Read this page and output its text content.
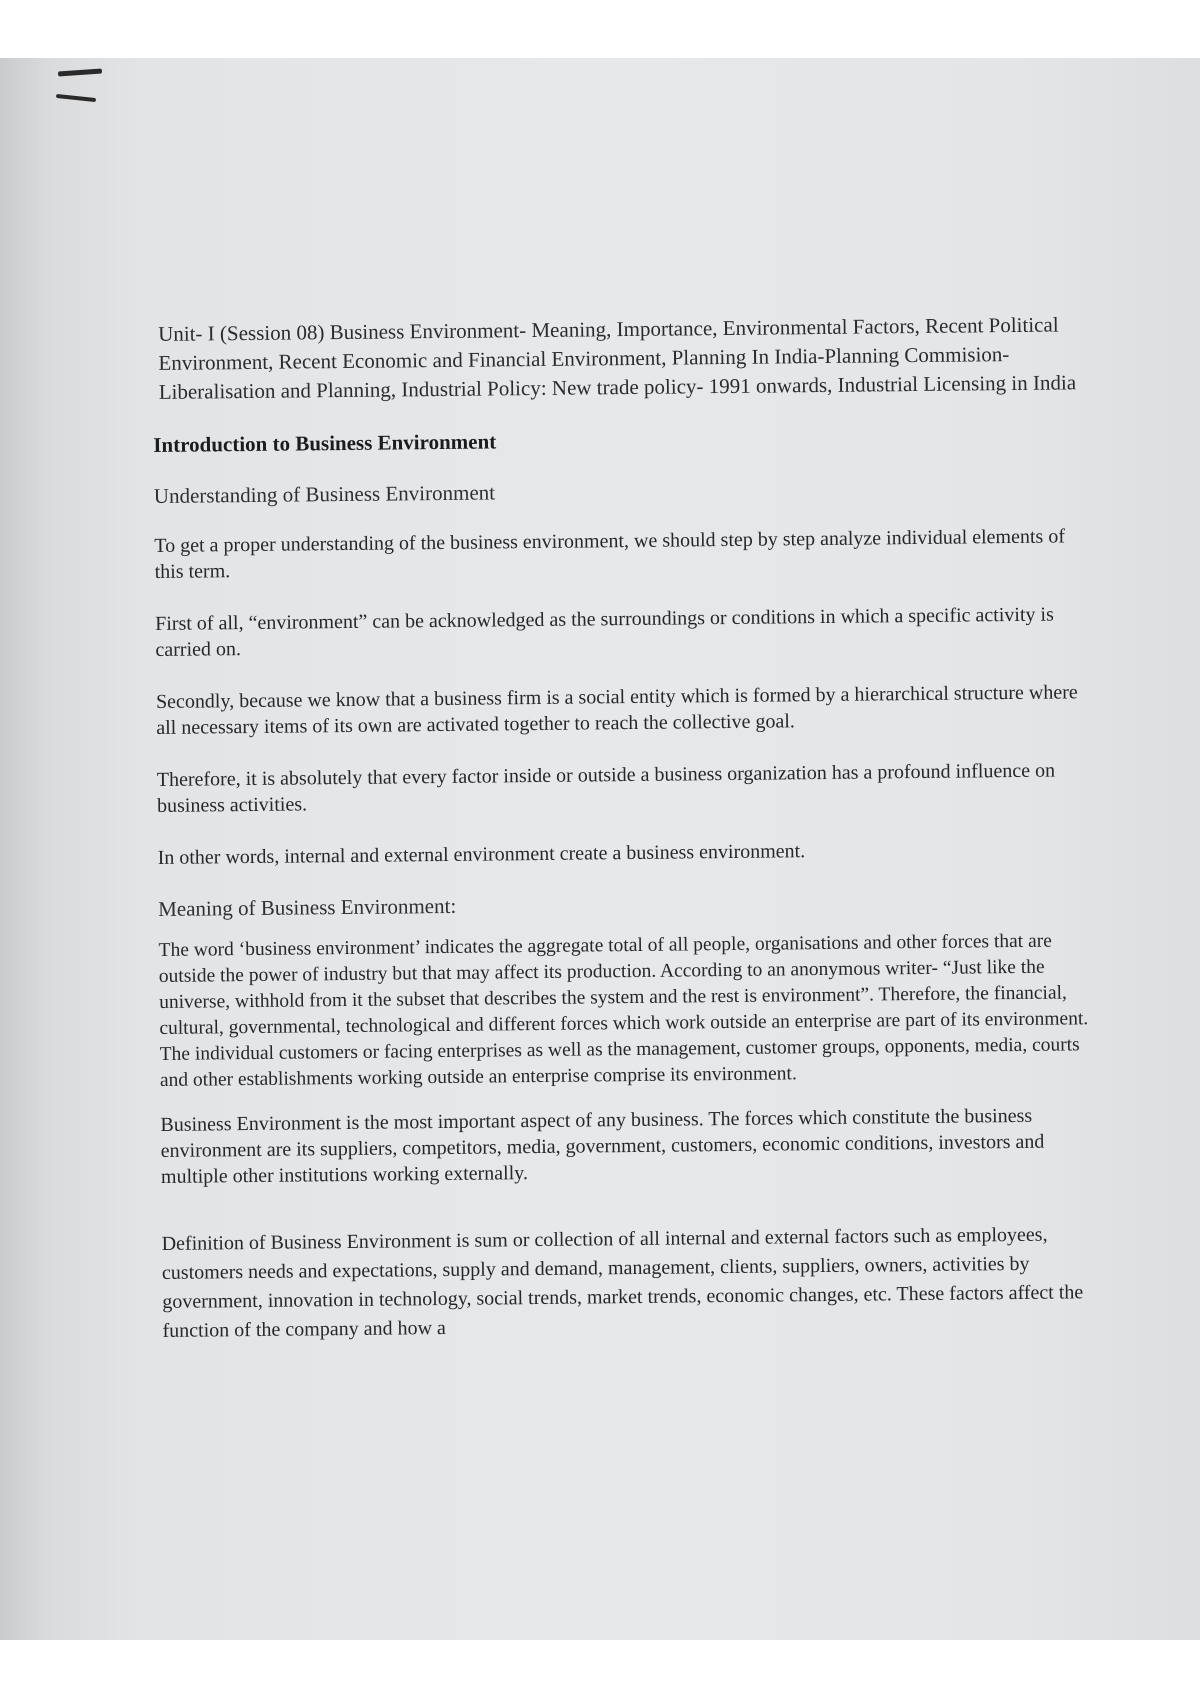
Unit- I (Session 08) Business Environment- Meaning, Importance, Environmental Factors, Recent Political Environment, Recent Economic and Financial Environment, Planning In India-Planning Commision- Liberalisation and Planning, Industrial Policy: New trade policy- 1991 onwards, Industrial Licensing in India
Introduction to Business Environment
Understanding of Business Environment
To get a proper understanding of the business environment, we should step by step analyze individual elements of this term.
First of all, “environment” can be acknowledged as the surroundings or conditions in which a specific activity is carried on.
Secondly, because we know that a business firm is a social entity which is formed by a hierarchical structure where all necessary items of its own are activated together to reach the collective goal.
Therefore, it is absolutely that every factor inside or outside a business organization has a profound influence on business activities.
In other words, internal and external environment create a business environment.
Meaning of Business Environment:
The word ‘business environment’ indicates the aggregate total of all people, organisations and other forces that are outside the power of industry but that may affect its production. According to an anonymous writer- “Just like the universe, withhold from it the subset that describes the system and the rest is environment”. Therefore, the financial, cultural, governmental, technological and different forces which work outside an enterprise are part of its environment. The individual customers or facing enterprises as well as the management, customer groups, opponents, media, courts and other establishments working outside an enterprise comprise its environment.
Business Environment is the most important aspect of any business. The forces which constitute the business environment are its suppliers, competitors, media, government, customers, economic conditions, investors and multiple other institutions working externally.
Definition of Business Environment is sum or collection of all internal and external factors such as employees, customers needs and expectations, supply and demand, management, clients, suppliers, owners, activities by government, innovation in technology, social trends, market trends, economic changes, etc. These factors affect the function of the company and how a
